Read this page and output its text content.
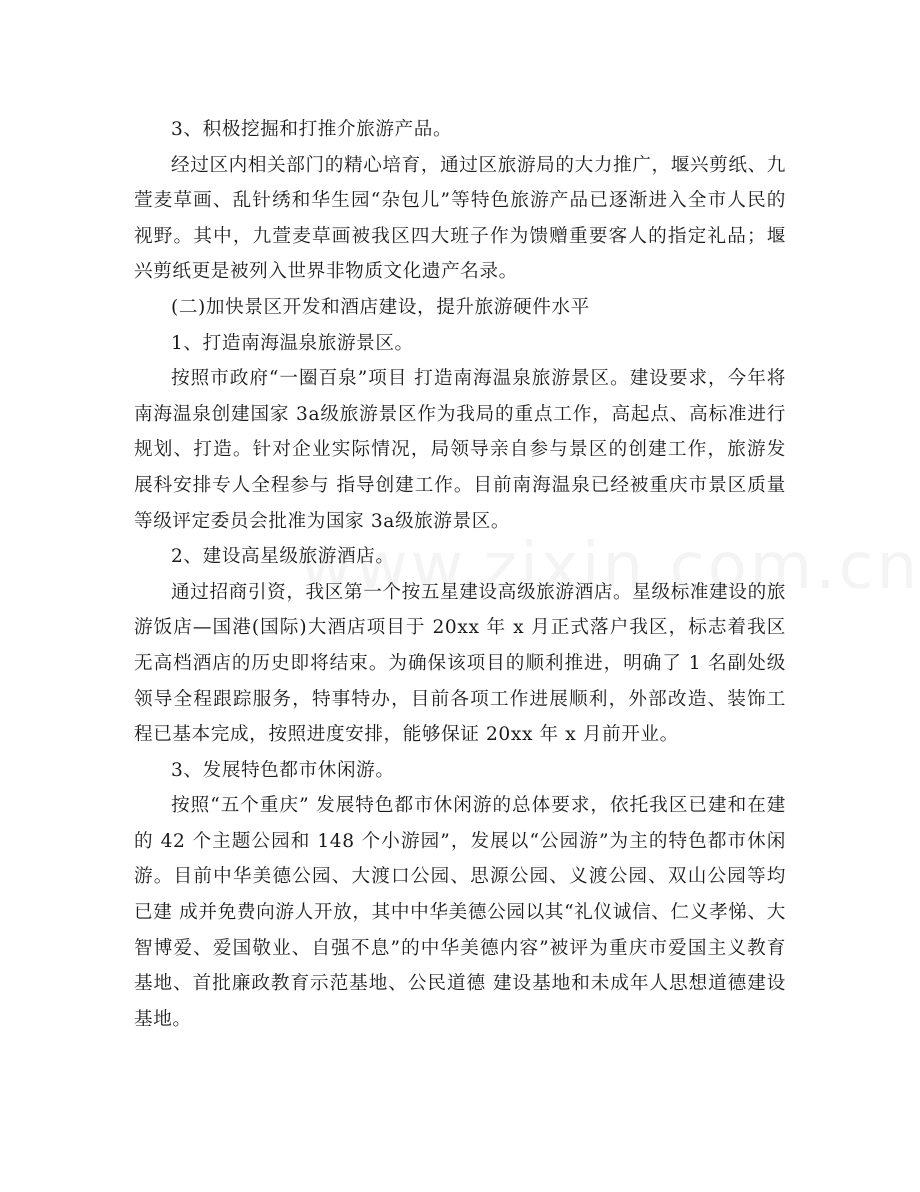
3、积极挖掘和打推介旅游产品。

经过区内相关部门的精心培育，通过区旅游局的大力推广，堰兴剪纸、九萱麦草画、乱针绣和华生园“杂包儿”等特色旅游产品已逐渐进入全市人民的视野。其中，九萱麦草画被我区四大班子作为馈赠重要客人的指定礼品；堰兴剪纸更是被列入世界非物质文化遗产名录。

(二)加快景区开发和酒店建设，提升旅游硬件水平

1、打造南海温泉旅游景区。

按照市政府“一圈百泉”项目 打造南海温泉旅游景区。建设要求，今年将南海温泉创建国家 3a级旅游景区作为我局的重点工作，高起点、高标准进行规划、打造。针对企业实际情况，局领导亲自参与景区的创建工作，旅游发展科安排专人全程参与 指导创建工作。目前南海温泉已经被重庆市景区质量等级评定委员会批准为国家 3a级旅游景区。

2、建设高星级旅游酒店。

通过招商引资，我区第一个按五星建设高级旅游酒店。星级标准建设的旅游饭店—国港(国际)大酒店项目于 20xx 年 x 月正式落户我区，标志着我区无高档酒店的历史即将结束。为确保该项目的顺利推进，明确了 1 名副处级领导全程跟踪服务，特事特办，目前各项工作进展顺利，外部改造、装饰工程已基本完成，按照进度安排，能够保证 20xx 年 x 月前开业。

3、发展特色都市休闲游。

按照“五个重庆” 发展特色都市休闲游的总体要求，依托我区已建和在建的 42 个主题公园和 148 个小游园”，发展以“公园游”为主的特色都市休闲游。目前中华美德公园、大渡口公园、思源公园、义渡公园、双山公园等均已建 成并免费向游人开放，其中中华美德公园以其“礼仪诚信、仁义孝悌、大智博爱、爱国敬业、自强不息”的中华美德内容”被评为重庆市爱国主义教育基地、首批廉政教育示范基地、公民道德 建设基地和未成年人思想道德建设基地。
